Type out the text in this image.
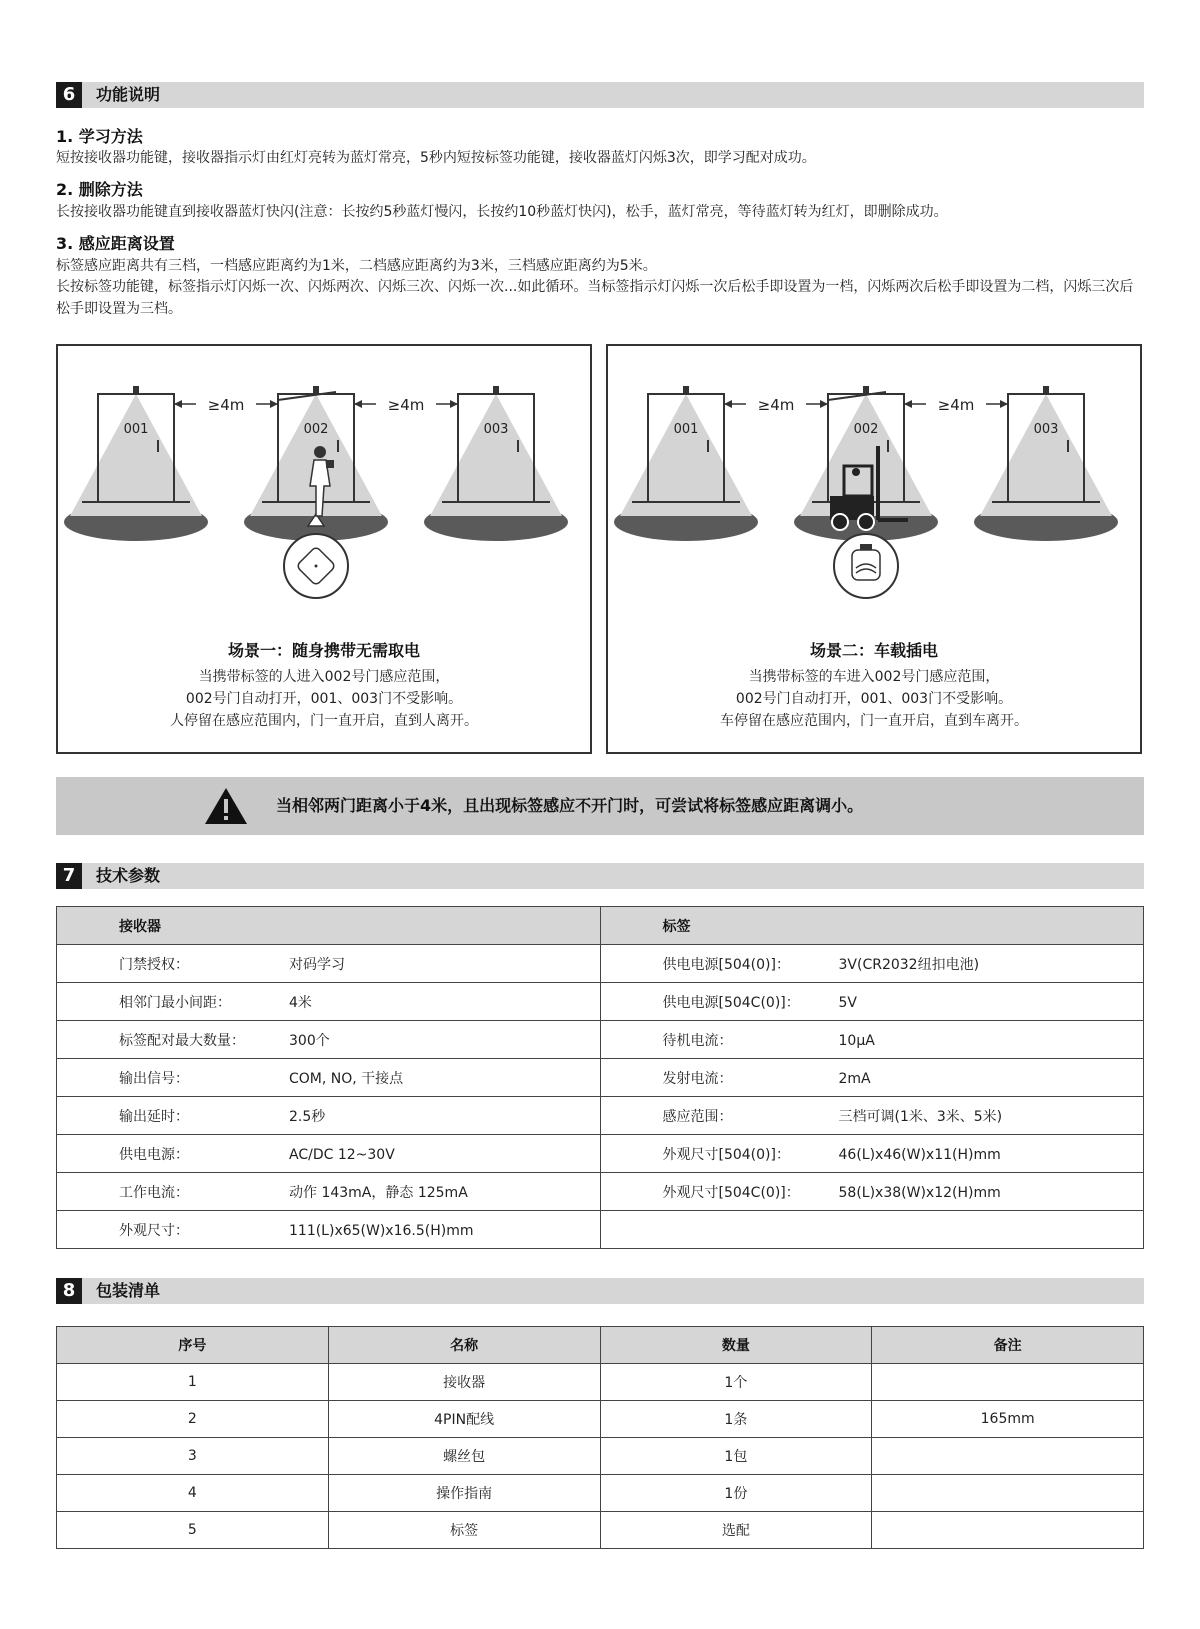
6	功能说明
1. 学习方法
短按接收器功能键，接收器指示灯由红灯亮转为蓝灯常亮，5秒内短按标签功能键，接收器蓝灯闪烁3次，即学习配对成功。
2. 删除方法
长按接收器功能键直到接收器蓝灯快闪(注意：长按约5秒蓝灯慢闪，长按约10秒蓝灯快闪)，松手，蓝灯常亮，等待蓝灯转为红灯，即删除成功。
3. 感应距离设置
标签感应距离共有三档，一档感应距离约为1米，二档感应距离约为3米，三档感应距离约为5米。
长按标签功能键，标签指示灯闪烁一次、闪烁两次、闪烁三次、闪烁一次...如此循环。当标签指示灯闪烁一次后松手即设置为一档，闪烁两次后松手即设置为二档，闪烁三次后松手即设置为三档。
001	002	003
≥4m	≥4m
场景一：随身携带无需取电
当携带标签的人进入002号门感应范围，
002号门自动打开，001、003门不受影响。
人停留在感应范围内，门一直开启，直到人离开。
001	002	003
≥4m	≥4m
场景二：车载插电
当携带标签的车进入002号门感应范围，
002号门自动打开，001、003门不受影响。
车停留在感应范围内，门一直开启，直到车离开。
当相邻两门距离小于4米，且出现标签感应不开门时，可尝试将标签感应距离调小。
7	技术参数
接收器	标签
门禁授权： 对码学习	供电电源[504(0)]： 3V(CR2032纽扣电池)
相邻门最小间距： 4米	供电电源[504C(0)]： 5V
标签配对最大数量： 300个	待机电流： 10μA
输出信号： COM, NO, 干接点	发射电流： 2mA
输出延时： 2.5秒	感应范围： 三档可调(1米、3米、5米)
供电电源： AC/DC 12~30V	外观尺寸[504(0)]： 46(L)x46(W)x11(H)mm
工作电流： 动作 143mA，静态 125mA	外观尺寸[504C(0)]： 58(L)x38(W)x12(H)mm
外观尺寸： 111(L)x65(W)x16.5(H)mm	
8	包装清单
序号	名称	数量	备注
1	接收器	1个	
2	4PIN配线	1条	165mm
3	螺丝包	1包	
4	操作指南	1份	
5	标签	选配	
